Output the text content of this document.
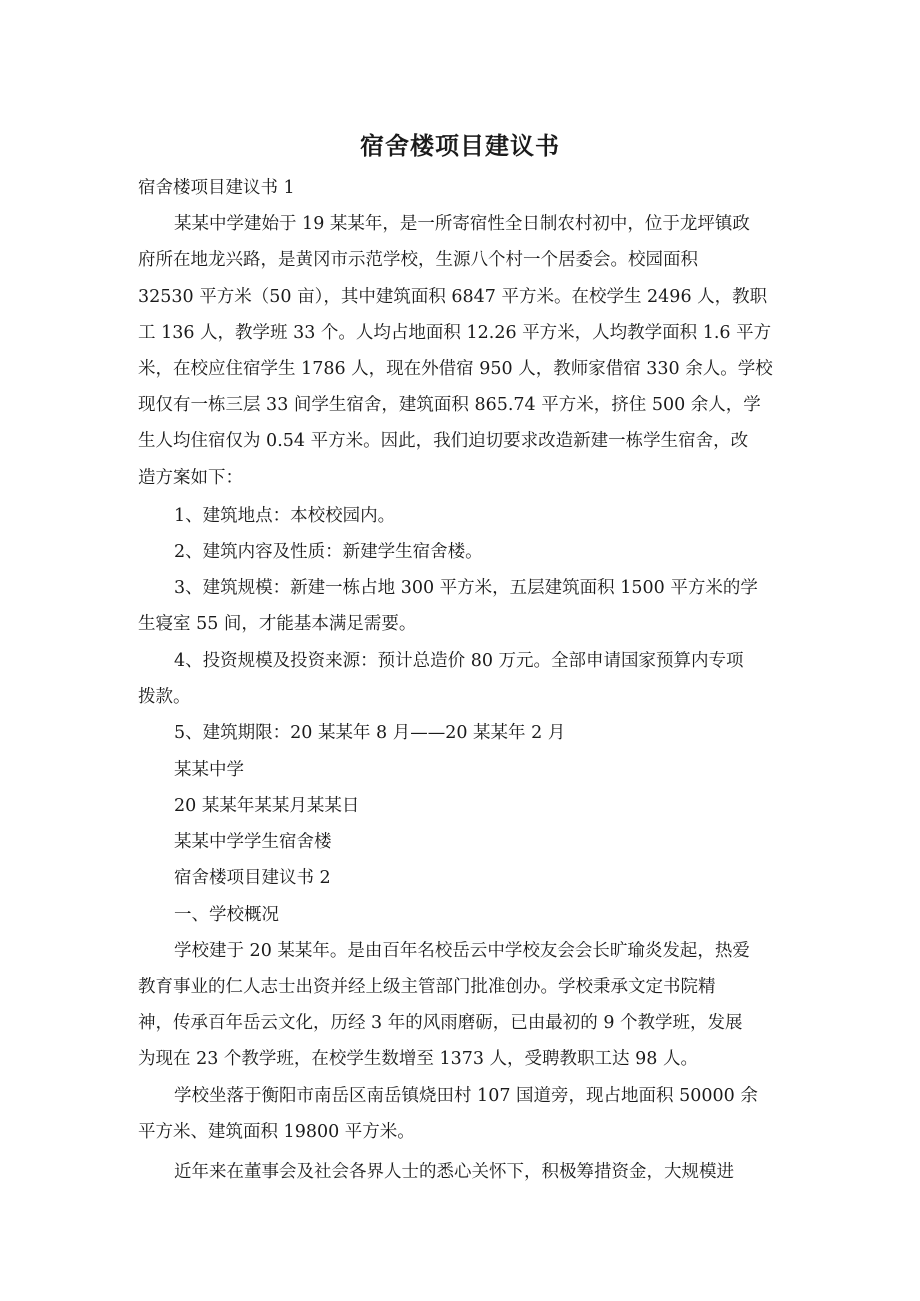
宿舍楼项目建议书
宿舍楼项目建议书 1
某某中学建始于 19 某某年，是一所寄宿性全日制农村初中，位于龙坪镇政
府所在地龙兴路，是黄冈市示范学校，生源八个村一个居委会。校园面积
32530 平方米（50 亩），其中建筑面积 6847 平方米。在校学生 2496 人，教职
工 136 人，教学班 33 个。人均占地面积 12.26 平方米，人均教学面积 1.6 平方
米，在校应住宿学生 1786 人，现在外借宿 950 人，教师家借宿 330 余人。学校
现仅有一栋三层 33 间学生宿舍，建筑面积 865.74 平方米，挤住 500 余人，学
生人均住宿仅为 0.54 平方米。因此，我们迫切要求改造新建一栋学生宿舍，改
造方案如下：
1、建筑地点：本校校园内。
2、建筑内容及性质：新建学生宿舍楼。
3、建筑规模：新建一栋占地 300 平方米，五层建筑面积 1500 平方米的学
生寝室 55 间，才能基本满足需要。
4、投资规模及投资来源：预计总造价 80 万元。全部申请国家预算内专项
拨款。
5、建筑期限：20 某某年 8 月——20 某某年 2 月
某某中学
20 某某年某某月某某日
某某中学学生宿舍楼
宿舍楼项目建议书 2
一、学校概况
学校建于 20 某某年。是由百年名校岳云中学校友会会长旷瑜炎发起，热爱
教育事业的仁人志士出资并经上级主管部门批准创办。学校秉承文定书院精
神，传承百年岳云文化，历经 3 年的风雨磨砺，已由最初的 9 个教学班，发展
为现在 23 个教学班，在校学生数增至 1373 人，受聘教职工达 98 人。
学校坐落于衡阳市南岳区南岳镇烧田村 107 国道旁，现占地面积 50000 余
平方米、建筑面积 19800 平方米。
近年来在董事会及社会各界人士的悉心关怀下，积极筹措资金，大规模进
